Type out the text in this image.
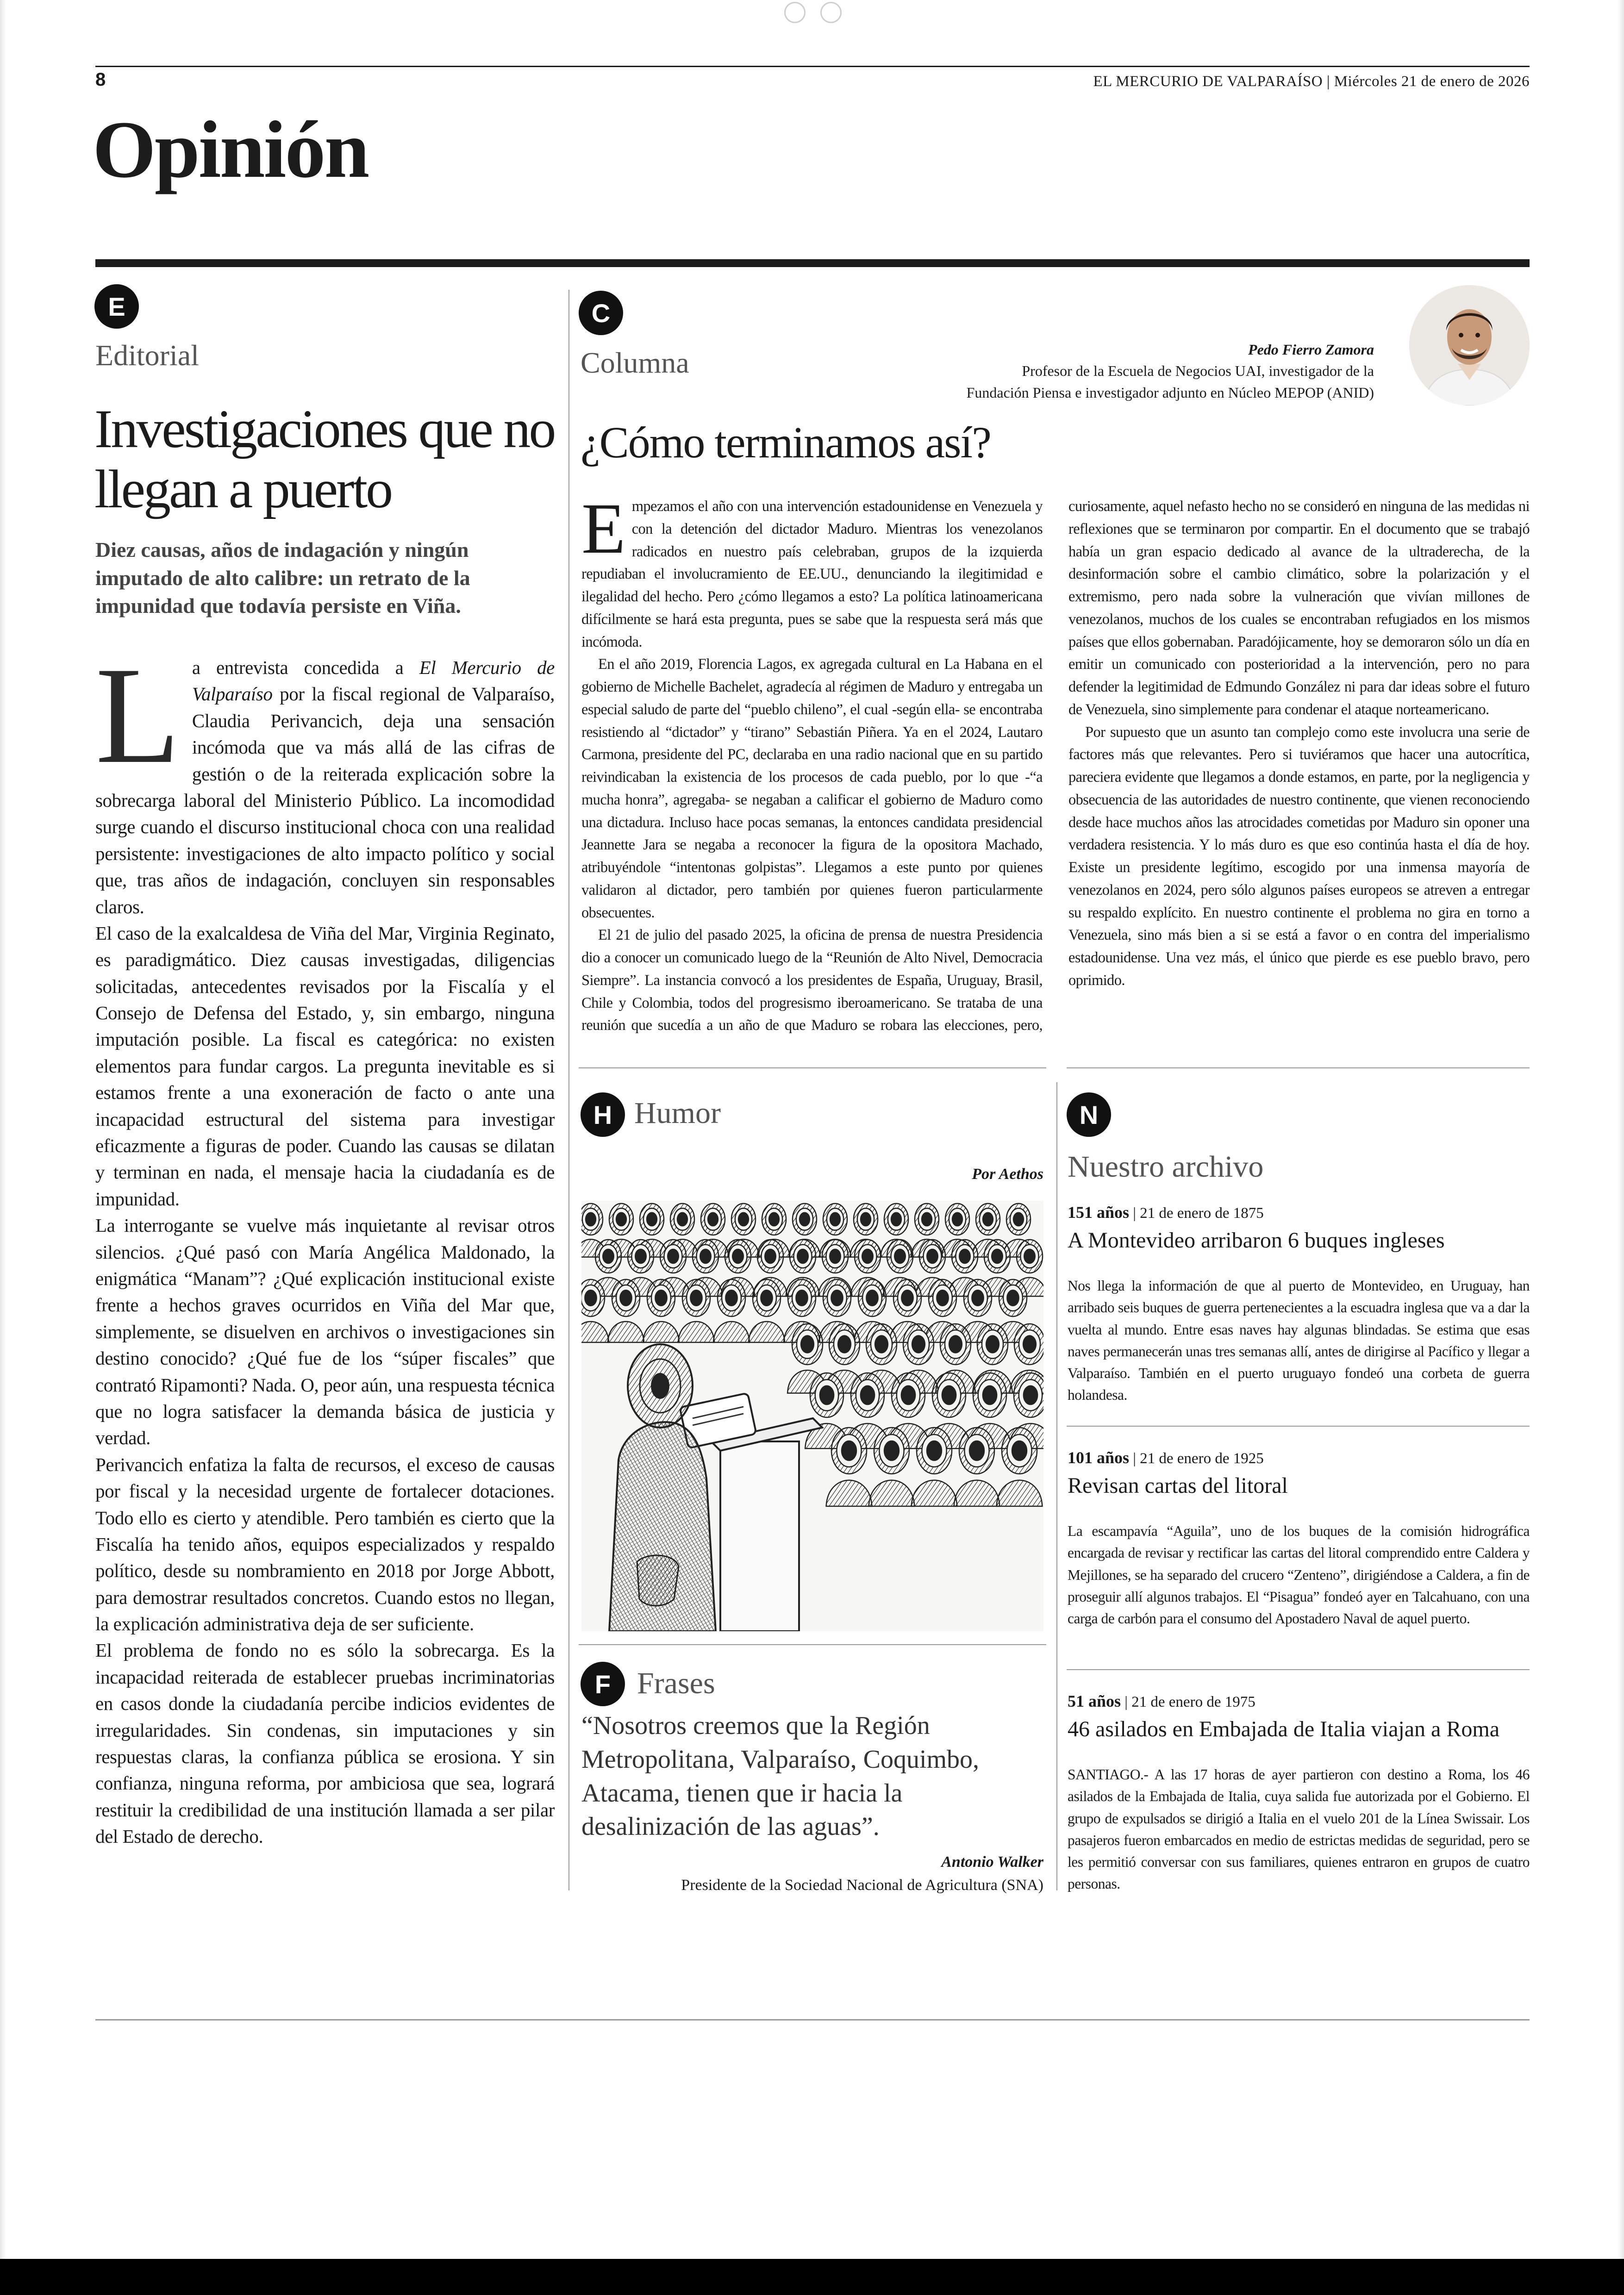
8	EL MERCURIO DE VALPARAÍSO | Miércoles 21 de enero de 2026
Opinión
E
Editorial
Investigaciones que no llegan a puerto
Diez causas, años de indagación y ningún imputado de alto calibre: un retrato de la impunidad que todavía persiste en Viña.

La entrevista concedida a El Mercurio de Valparaíso por la fiscal regional de Valparaíso, Claudia Perivancich, deja una sensación incómoda que va más allá de las cifras de gestión o de la reiterada explicación sobre la sobrecarga laboral del Ministerio Público. La incomodidad surge cuando el discurso institucional choca con una realidad persistente: investigaciones de alto impacto político y social que, tras años de indagación, concluyen sin responsables claros.

El caso de la exalcaldesa de Viña del Mar, Virginia Reginato, es paradigmático. Diez causas investigadas, diligencias solicitadas, antecedentes revisados por la Fiscalía y el Consejo de Defensa del Estado, y, sin embargo, ninguna imputación posible. La fiscal es categórica: no existen elementos para fundar cargos. La pregunta inevitable es si estamos frente a una exoneración de facto o ante una incapacidad estructural del sistema para investigar eficazmente a figuras de poder. Cuando las causas se dilatan y terminan en nada, el mensaje hacia la ciudadanía es de impunidad.

La interrogante se vuelve más inquietante al revisar otros silencios. ¿Qué pasó con María Angélica Maldonado, la enigmática “Manam”? ¿Qué explicación institucional existe frente a hechos graves ocurridos en Viña del Mar que, simplemente, se disuelven en archivos o investigaciones sin destino conocido? ¿Qué fue de los “súper fiscales” que contrató Ripamonti? Nada. O, peor aún, una respuesta técnica que no logra satisfacer la demanda básica de justicia y verdad.

Perivancich enfatiza la falta de recursos, el exceso de causas por fiscal y la necesidad urgente de fortalecer dotaciones. Todo ello es cierto y atendible. Pero también es cierto que la Fiscalía ha tenido años, equipos especializados y respaldo político, desde su nombramiento en 2018 por Jorge Abbott, para demostrar resultados concretos. Cuando estos no llegan, la explicación administrativa deja de ser suficiente.

El problema de fondo no es sólo la sobrecarga. Es la incapacidad reiterada de establecer pruebas incriminatorias en casos donde la ciudadanía percibe indicios evidentes de irregularidades. Sin condenas, sin imputaciones y sin respuestas claras, la confianza pública se erosiona. Y sin confianza, ninguna reforma, por ambiciosa que sea, logrará restituir la credibilidad de una institución llamada a ser pilar del Estado de derecho.

C
Columna	Pedo Fierro Zamora
Profesor de la Escuela de Negocios UAI, investigador de la
Fundación Piensa e investigador adjunto en Núcleo MEPOP (ANID)
¿Cómo terminamos así?

Empezamos el año con una intervención estadounidense en Venezuela y con la detención del dictador Maduro. Mientras los venezolanos radicados en nuestro país celebraban, grupos de la izquierda repudiaban el involucramiento de EE.UU., denunciando la ilegitimidad e ilegalidad del hecho. Pero ¿cómo llegamos a esto? La política latinoamericana difícilmente se hará esta pregunta, pues se sabe que la respuesta será más que incómoda.

En el año 2019, Florencia Lagos, ex agregada cultural en La Habana en el gobierno de Michelle Bachelet, agradecía al régimen de Maduro y entregaba un especial saludo de parte del “pueblo chileno”, el cual -según ella- se encontraba resistiendo al “dictador” y “tirano” Sebastián Piñera. Ya en el 2024, Lautaro Carmona, presidente del PC, declaraba en una radio nacional que en su partido reivindicaban la existencia de los procesos de cada pueblo, por lo que -“a mucha honra”, agregaba- se negaban a calificar el gobierno de Maduro como una dictadura. Incluso hace pocas semanas, la entonces candidata presidencial Jeannette Jara se negaba a reconocer la figura de la opositora Machado, atribuyéndole “intentonas golpistas”. Llegamos a este punto por quienes validaron al dictador, pero también por quienes fueron particularmente obsecuentes.

El 21 de julio del pasado 2025, la oficina de prensa de nuestra Presidencia dio a conocer un comunicado luego de la “Reunión de Alto Nivel, Democracia Siempre”. La instancia convocó a los presidentes de España, Uruguay, Brasil, Chile y Colombia, todos del progresismo iberoamericano. Se trataba de una reunión que sucedía a un año de que Maduro se robara las elecciones, pero, curiosamente, aquel nefasto hecho no se consideró en ninguna de las medidas ni reflexiones que se terminaron por compartir. En el documento que se trabajó había un gran espacio dedicado al avance de la ultraderecha, de la desinformación sobre el cambio climático, sobre la polarización y el extremismo, pero nada sobre la vulneración que vivían millones de venezolanos, muchos de los cuales se encontraban refugiados en los mismos países que ellos gobernaban. Paradójicamente, hoy se demoraron sólo un día en emitir un comunicado con posterioridad a la intervención, pero no para defender la legitimidad de Edmundo González ni para dar ideas sobre el futuro de Venezuela, sino simplemente para condenar el ataque norteamericano.

Por supuesto que un asunto tan complejo como este involucra una serie de factores más que relevantes. Pero si tuviéramos que hacer una autocrítica, pareciera evidente que llegamos a donde estamos, en parte, por la negligencia y obsecuencia de las autoridades de nuestro continente, que vienen reconociendo desde hace muchos años las atrocidades cometidas por Maduro sin oponer una verdadera resistencia. Y lo más duro es que eso continúa hasta el día de hoy. Existe un presidente legítimo, escogido por una inmensa mayoría de venezolanos en 2024, pero sólo algunos países europeos se atreven a entregar su respaldo explícito. En nuestro continente el problema no gira en torno a Venezuela, sino más bien a si se está a favor o en contra del imperialismo estadounidense. Una vez más, el único que pierde es ese pueblo bravo, pero oprimido.

H Humor
Por Aethos
F Frases
“Nosotros creemos que la Región Metropolitana, Valparaíso, Coquimbo, Atacama, tienen que ir hacia la desalinización de las aguas”.
Antonio Walker
Presidente de la Sociedad Nacional de Agricultura (SNA)
N
Nuestro archivo
151 años | 21 de enero de 1875
A Montevideo arribaron 6 buques ingleses
Nos llega la información de que al puerto de Montevideo, en Uruguay, han arribado seis buques de guerra pertenecientes a la escuadra inglesa que va a dar la vuelta al mundo. Entre esas naves hay algunas blindadas. Se estima que esas naves permanecerán unas tres semanas allí, antes de dirigirse al Pacífico y llegar a Valparaíso. También en el puerto uruguayo fondeó una corbeta de guerra holandesa.
101 años | 21 de enero de 1925
Revisan cartas del litoral
La escampavía “Aguila”, uno de los buques de la comisión hidrográfica encargada de revisar y rectificar las cartas del litoral comprendido entre Caldera y Mejillones, se ha separado del crucero “Zenteno”, dirigiéndose a Caldera, a fin de proseguir allí algunos trabajos. El “Pisagua” fondeó ayer en Talcahuano, con una carga de carbón para el consumo del Apostadero Naval de aquel puerto.
51 años | 21 de enero de 1975
46 asilados en Embajada de Italia viajan a Roma
SANTIAGO.- A las 17 horas de ayer partieron con destino a Roma, los 46 asilados de la Embajada de Italia, cuya salida fue autorizada por el Gobierno. El grupo de expulsados se dirigió a Italia en el vuelo 201 de la Línea Swissair. Los pasajeros fueron embarcados en medio de estrictas medidas de seguridad, pero se les permitió conversar con sus familiares, quienes entraron en grupos de cuatro personas.
